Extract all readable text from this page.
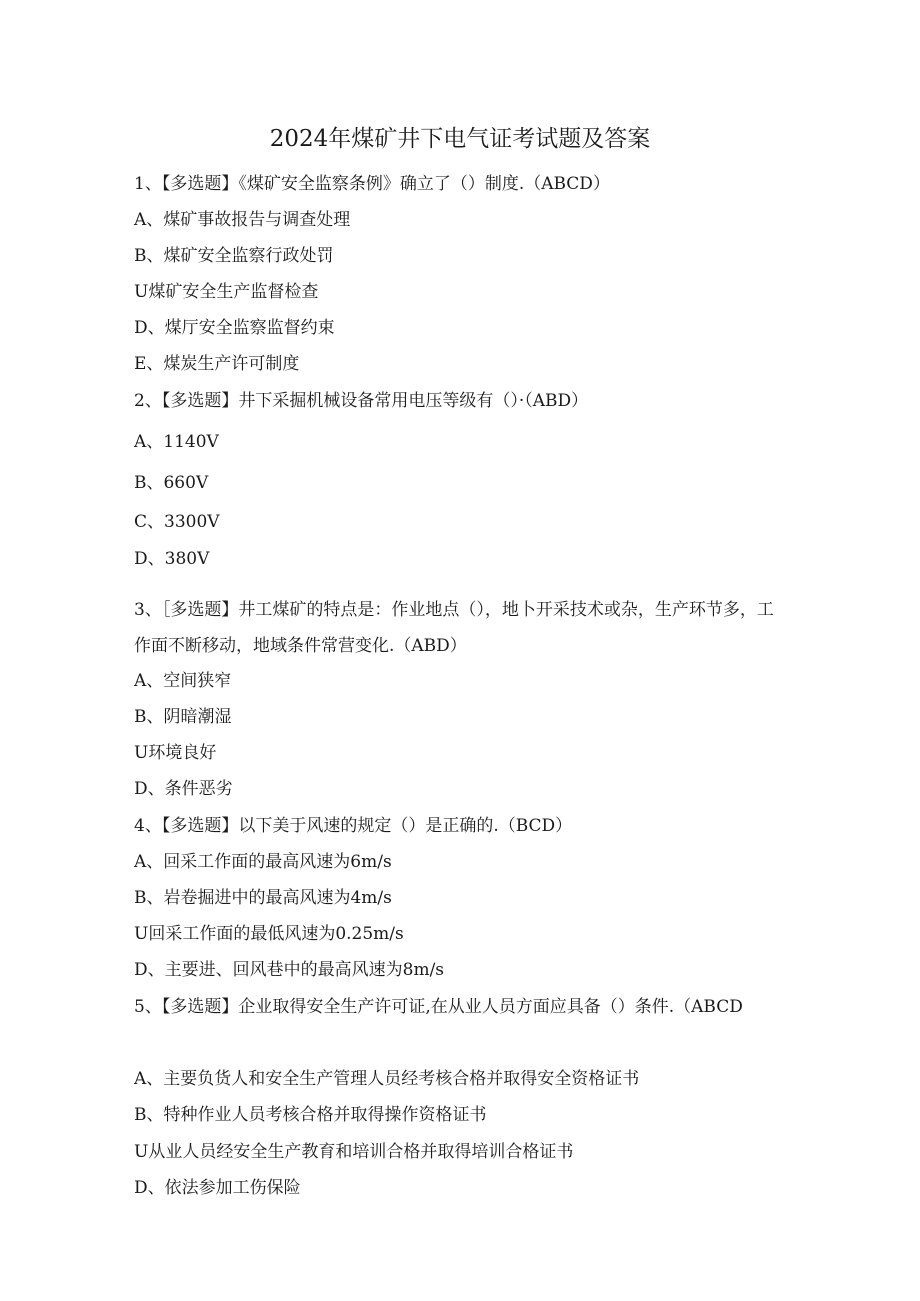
2024年煤矿井下电气证考试题及答案
1、【多选题】《煤矿安全监察条例》确立了（）制度.（ABCD）
A、煤矿事故报告与调查处理
B、煤矿安全监察行政处罚
U煤矿安全生产监督检查
D、煤厅安全监察监督约束
E、煤炭生产许可制度
2、【多选题】井下采掘机械设备常用电压等级有（）·（ABD）
A、1140V
B、660V
C、3300V
D、380V
3、［多选题】井工煤矿的特点是：作业地点（），地卜开采技术或杂，生产环节多，工作面不断移动，地域条件常营变化.（ABD）
A、空间狭窄
B、阴暗潮湿
U环境良好
D、条件恶劣
4、【多选题】以下美于风速的规定（）是正确的.（BCD）
A、回采工作面的最高风速为6m∕s
B、岩卷掘进中的最高风速为4m∕s
U回采工作面的最低风速为0.25m∕s
D、主要进、回风巷中的最高风速为8m∕s
5、【多选题】企业取得安全生产许可证,在从业人员方面应具备（）条件.（ABCD
A、主要负货人和安全生产管理人员经考核合格并取得安全资格证书
B、特种作业人员考核合格并取得操作资格证书
U从业人员经安全生产教育和培训合格并取得培训合格证书
D、依法参加工伤保险
